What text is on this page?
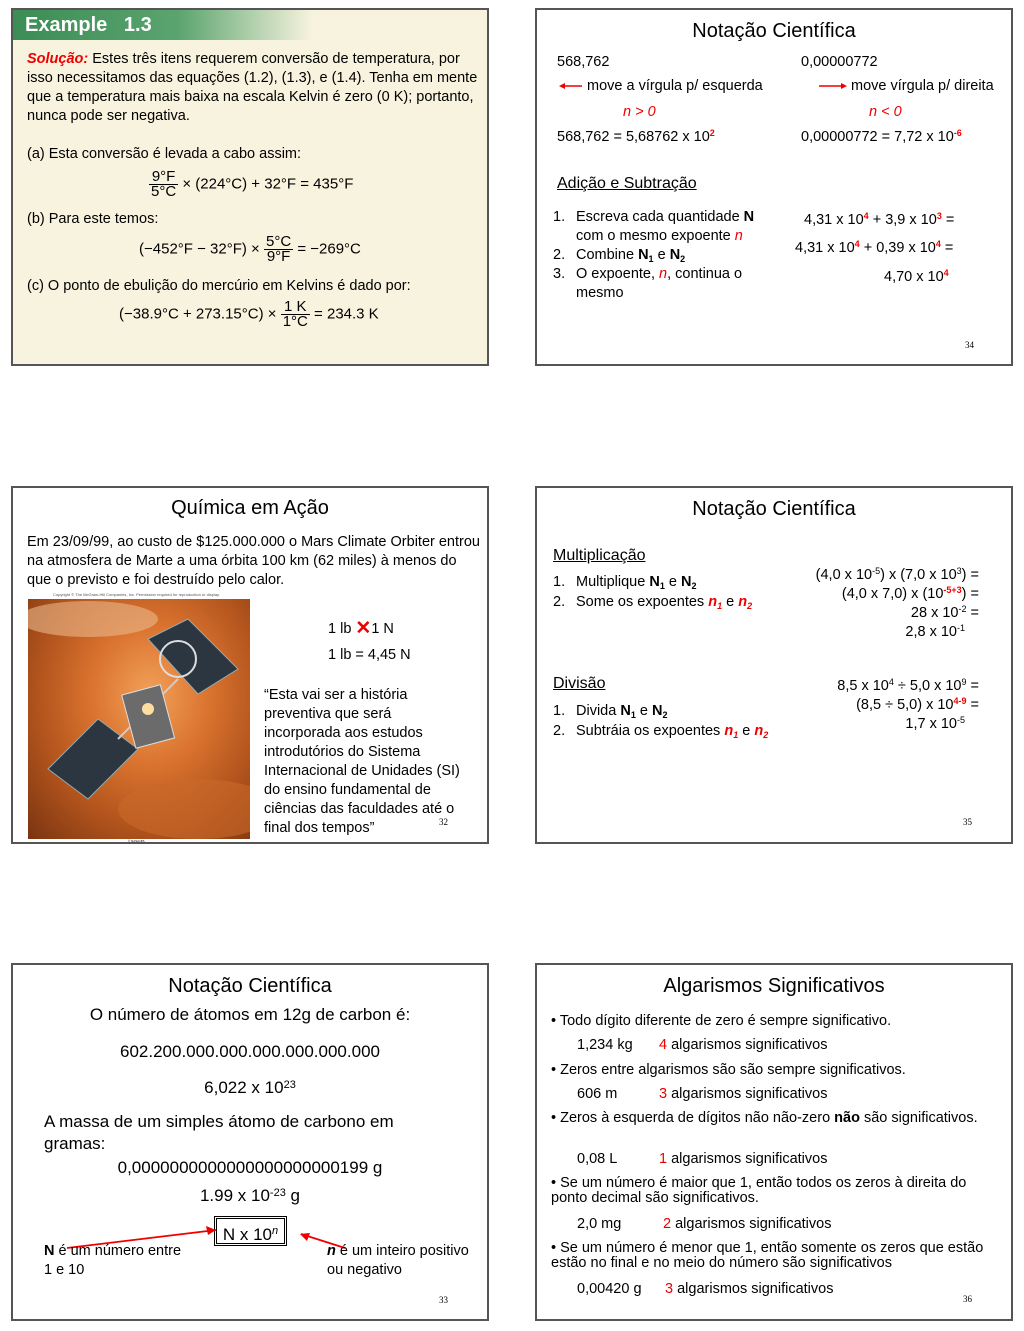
Example   1.3
Solução: Estes três itens requerem conversão de temperatura, por isso necessitamos das equações (1.2), (1.3), e (1.4). Tenha em mente que a temperatura mais baixa na escala Kelvin é zero (0 K); portanto, nunca pode ser negativa.
(a) Esta conversão é levada a cabo assim:
$\frac{9^\circ F}{5^\circ C} \times (224^\circ C) + 32^\circ F = 435^\circ F$
(b) Para este temos:
$(-452^\circ F - 32^\circ F) \times \frac{5^\circ C}{9^\circ F} = -269^\circ C$
(c) O ponto de ebulição do mercúrio em Kelvins é dado por:
$(-38.9^\circ C + 273.15^\circ C) \times \frac{1 K}{1^\circ C} = 234.3$ K
Notação Científica
568,762	0,00000772
move a vírgula p/ esquerda	move vírgula p/ direita
n > 0	n < 0
568,762 = 5,68762 x $10^2$	0,00000772 = 7,72 x $10^{-6}$
Adição e Subtração
1. Escreva cada quantidade N
com o mesmo expoente n
2. Combine $N_1$ e $N_2$
3. O expoente, n, continua o
mesmo
4,31 x $10^4 + 3,9$ x $10^3$ =
4,31 x $10^4 + 0,39$ x $10^4$ =
4,70 x $10^4$
34
Química em Ação
Em 23/09/99, ao custo de $125.000.000 o Mars Climate Orbiter entrou na atmosfera de Marte a uma órbita 100 km (62 miles) à menos do que o previsto e foi destruído pelo calor.
Copyright © The McGraw-Hill Companies, Inc. Permission required for reproduction or display.
© NASA/JPL
1 lb ✕1 N
1 lb = 4,45 N
“Esta vai ser a história preventiva que será incorporada aos estudos introdutórios do Sistema Internacional de Unidades (SI) do ensino fundamental de ciências das faculdades até o final dos tempos”	32
Notação Científica
Multiplicação
1. Multiplique $N_1$ e $N_2$
2. Some os expoentes $n_1$ e $n_2$
(4,0 x $10^{-5}$) x (7,0 x $10^3$) =
(4,0 x 7,0) x $(10^{-5+3})$ =
28 x $10^{-2}$ =
2,8 x $10^{-1}$
Divisão
1. Divida $N_1$ e $N_2$
2. Subtráia os expoentes $n_1$ e $n_2$
8,5 x $10^4 \div 5,0$ x $10^9$ =
(8,5 ÷ 5,0) x $10^{4-9}$ =
1,7 x $10^{-5}$
35
Notação Científica
O número de átomos em 12g de carbon é:
602.200.000.000.000.000.000.000
6,022 x $10^{23}$
A massa de um simples átomo de carbono em gramas:
0,0000000000000000000000199 g
1.99 x $10^{-23}$ g
N x 10$^n$
N é um número entre 1 e 10
n é um inteiro positivo ou negativo
33
Algarismos Significativos
• Todo dígito diferente de zero é sempre significativo.
1,234 kg 4 algarismos significativos
• Zeros entre algarismos são são sempre significativos.
606 m	3 algarismos significativos
• Zeros à esquerda de dígitos não não-zero não são significativos.
0,08 L	1 algarismos significativos
• Se um número é maior que 1, então todos os zeros à direita do ponto decimal são significativos.
2,0 mg	2 algarismos significativos
• Se um número é menor que 1, então somente os zeros que estão estão no final e no meio do número são significativos
0,00420 g 3 algarismos significativos
36
